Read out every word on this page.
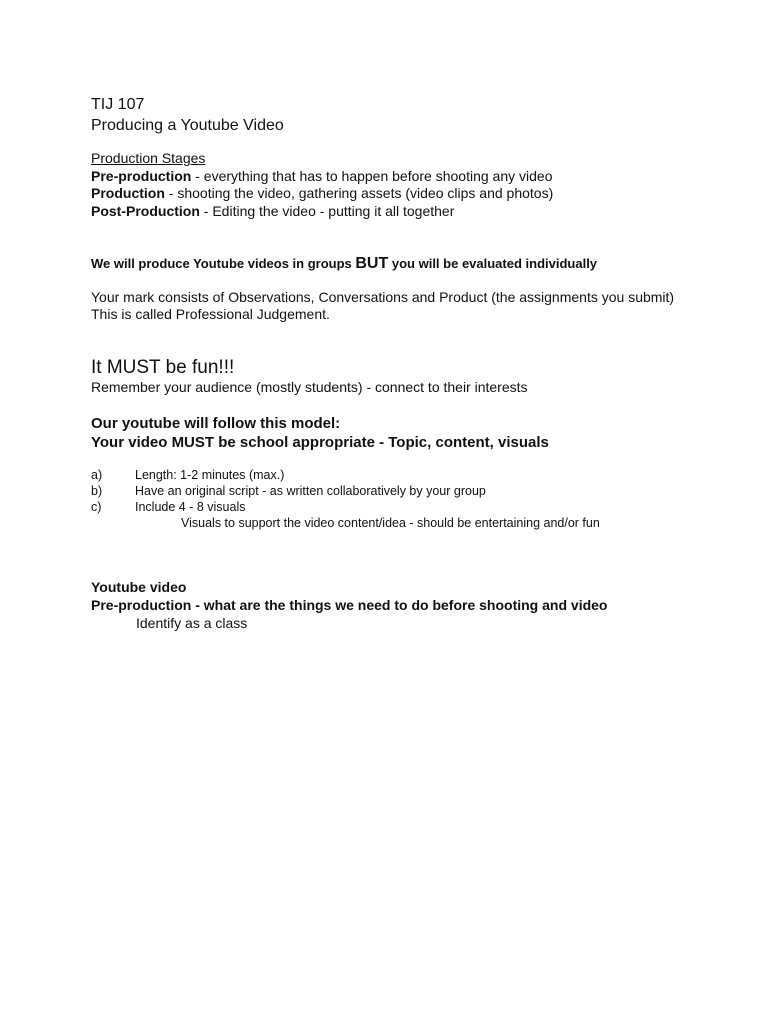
TIJ 107
Producing a Youtube Video
Production Stages
Pre-production - everything that has to happen before shooting any video
Production - shooting the video, gathering assets (video clips and photos)
Post-Production - Editing the video - putting it all together
We will produce Youtube videos in groups BUT you will be evaluated individually
Your mark consists of Observations, Conversations and Product (the assignments you submit)
This is called Professional Judgement.
It MUST be fun!!!
Remember your audience (mostly students) - connect to their interests
Our youtube will follow this model:
Your video MUST be school appropriate - Topic, content, visuals
a)	Length: 1-2 minutes (max.)
b)	Have an original script - as written collaboratively by your group
c)	Include 4 - 8 visuals
Visuals to support the video content/idea - should be entertaining and/or fun
Youtube video
Pre-production - what are the things we need to do before shooting and video
Identify as a class
